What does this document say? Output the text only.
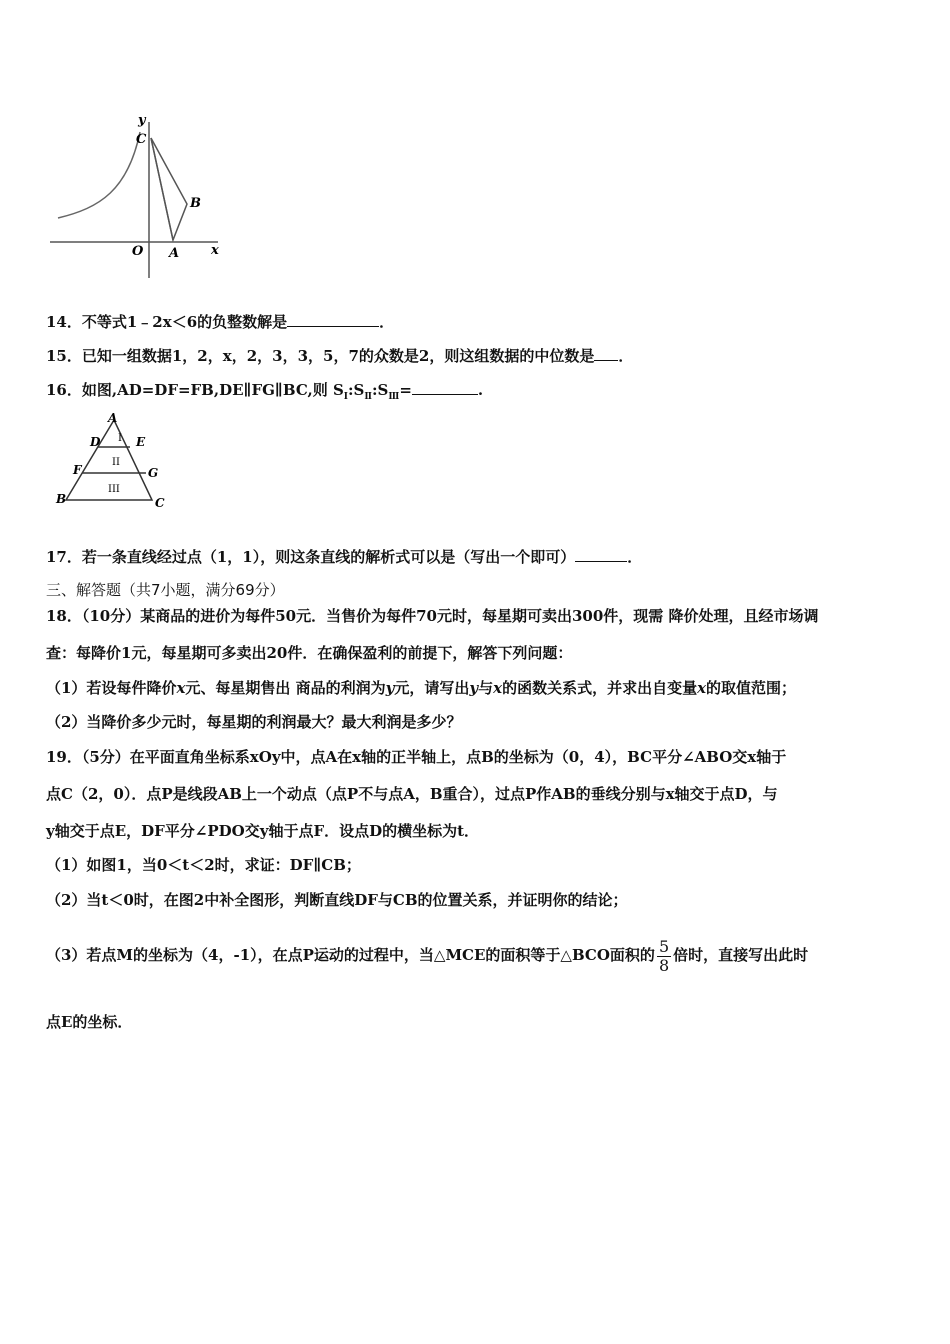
y
C
B
O A x
14．不等式1﹣2x＜6的负整数解是	．
15．已知一组数据1，2，x，2，3，3，5，7的众数是2，则这组数据的中位数是 ．
16．如图,AD=DF=FB,DE∥FG∥BC,则 $S_Ⅰ:S_Ⅱ:S_Ⅲ=$	.
A
D	E
F	G
B	C
I
II
III
17．若一条直线经过点（1，1），则这条直线的解析式可以是（写出一个即可）	．
三、解答题（共7小题，满分69分）
18．（10分）某商品的进价为每件50元．当售价为每件70元时，每星期可卖出300件，现需 降价处理，且经市场调
查：每降价1元，每星期可多卖出20件．在确保盈利的前提下，解答下列问题：
（1）若设每件降价x元、每星期售出 商品的利润为y元，请写出y与x的函数关系式，并求出自变量x的取值范围；
（2）当降价多少元时，每星期的利润最大？最大利润是多少？
19．（5分）在平面直角坐标系xOy中，点A在x轴的正半轴上，点B的坐标为（0，4），BC平分∠ABO交x轴于
点C（2，0）．点P是线段AB上一个动点（点P不与点A，B重合），过点P作AB的垂线分别与x轴交于点D，与
y轴交于点E，DF平分∠PDO交y轴于点F．设点D的横坐标为t．
（1）如图1，当0＜t＜2时，求证：DF∥CB；
（2）当t＜0时，在图2中补全图形，判断直线DF与CB的位置关系，并证明你的结论；
（3）若点M的坐标为（4，-1），在点P运动的过程中，当△MCE的面积等于△BCO面积的 $\frac{5}{8}$ 倍时，直接写出此时
点E的坐标．
